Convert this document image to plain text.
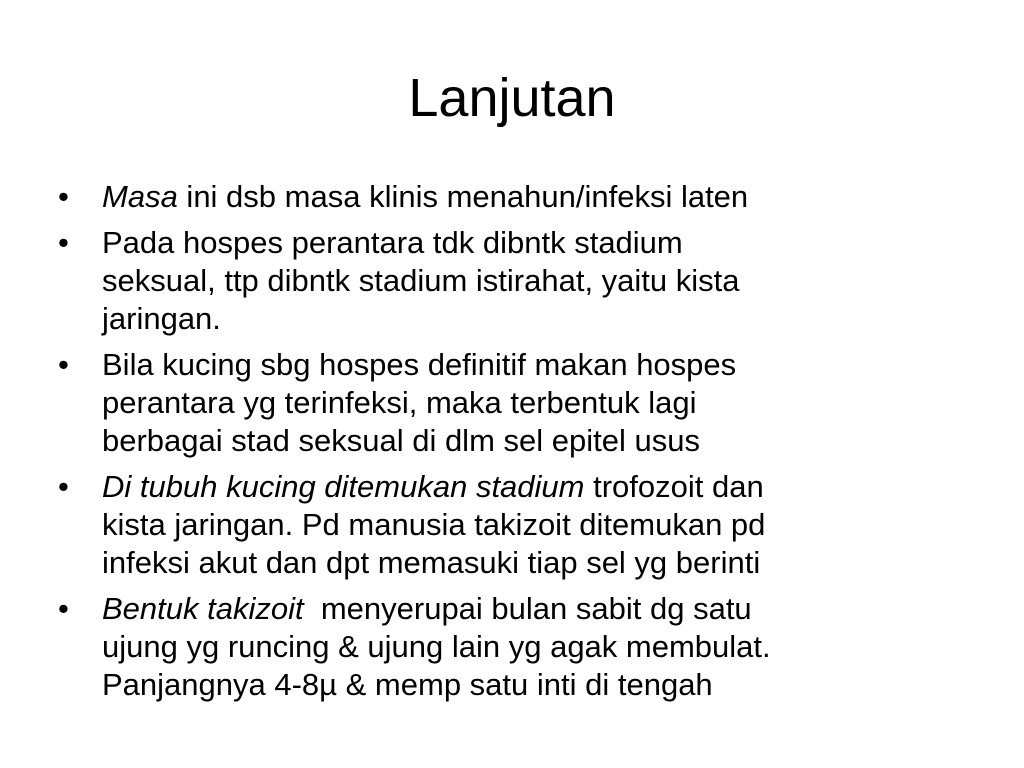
Lanjutan
•	Masa ini dsb masa klinis menahun/infeksi laten
•	Pada hospes perantara tdk dibntk stadium
seksual, ttp dibntk stadium istirahat, yaitu kista
jaringan.
•	Bila kucing sbg hospes definitif makan hospes
perantara yg terinfeksi, maka terbentuk lagi
berbagai stad seksual di dlm sel epitel usus
•	Di tubuh kucing ditemukan stadium trofozoit dan
kista jaringan. Pd manusia takizoit ditemukan pd
infeksi akut dan dpt memasuki tiap sel yg berinti
•	Bentuk takizoit  menyerupai bulan sabit dg satu
ujung yg runcing & ujung lain yg agak membulat.
Panjangnya 4-8µ & memp satu inti di tengah
